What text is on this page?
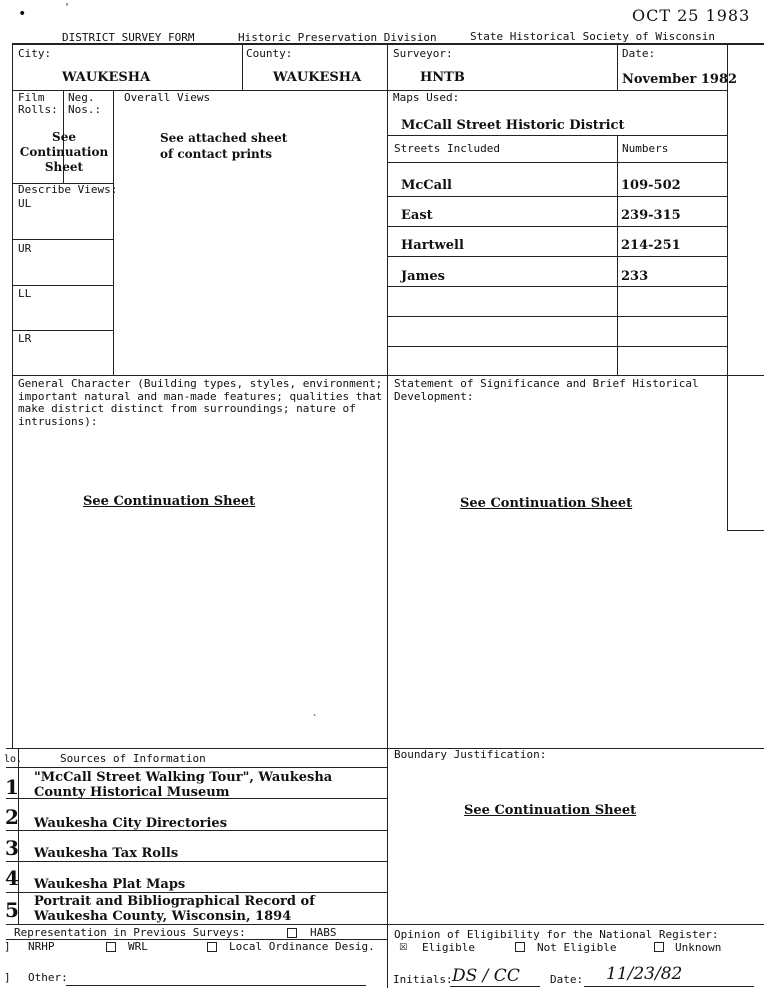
•	'	OCT 25 1983
DISTRICT SURVEY FORM	Historic Preservation Division	State Historical Society of Wisconsin
City:
WAUKESHA
County:
WAUKESHA
Surveyor:
HNTB
Date:
November 1982
Film
Rolls:
Neg.
Nos.:
See
Continuation
Sheet
Overall Views
See attached sheet
of contact prints
Describe Views:
UL
UR
LL
LR
Maps Used:
McCall Street Historic District
Streets Included	Numbers
McCall	109-502
East	239-315
Hartwell	214-251
James	233
General Character (Building types, styles, environment;
important natural and man-made features; qualities that
make district distinct from surroundings; nature of
intrusions):
See Continuation Sheet
Statement of Significance and Brief Historical
Development:
See Continuation Sheet
`
lo.	Sources of Information
1 "McCall Street Walking Tour", Waukesha
County Historical Museum
2 Waukesha City Directories
3 Waukesha Tax Rolls
4 Waukesha Plat Maps
5 Portrait and Bibliographical Record of
Waukesha County, Wisconsin, 1894
Boundary Justification:
See Continuation Sheet
Representation in Previous Surveys:	HABS
] NRHP	WRL	Local Ordinance Desig.
] Other:
Opinion of Eligibility for the National Register:
☒ Eligible	Not Eligible	Unknown
Initials: DS / CC	Date: 11/23/82
